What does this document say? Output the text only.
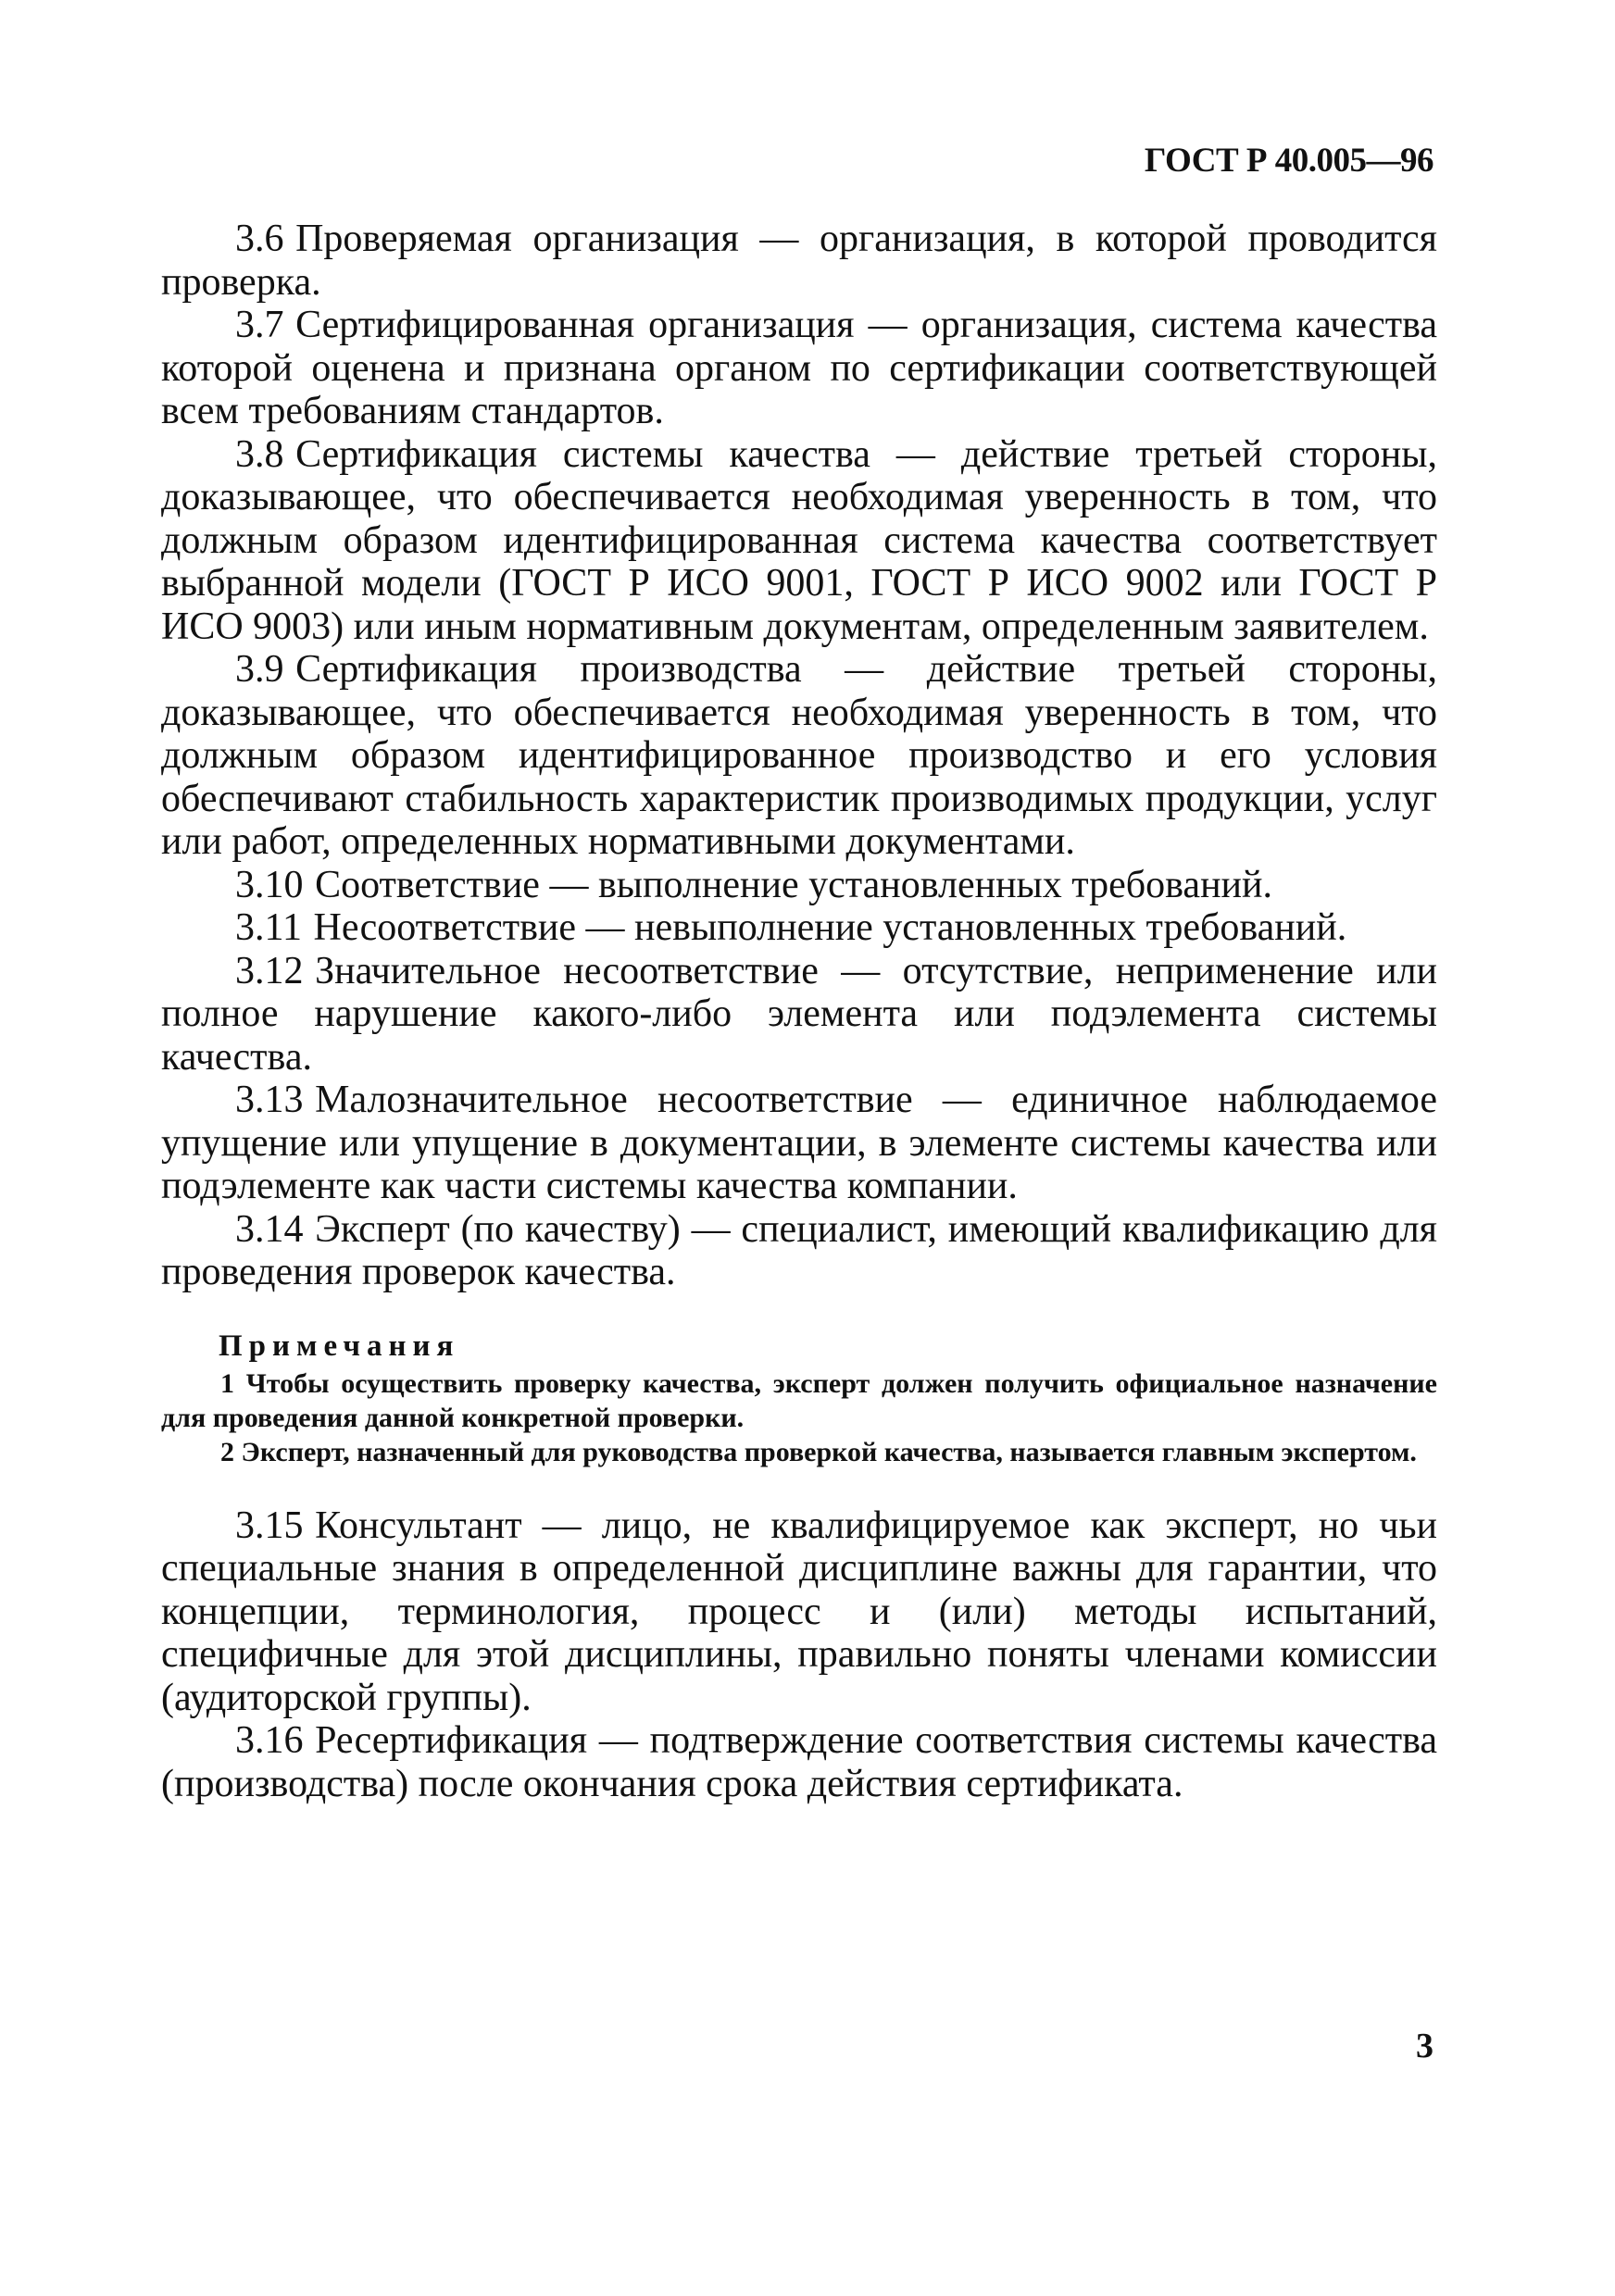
ГОСТ Р 40.005—96

3.6 Проверяемая организация — организация, в которой проводится проверка.

3.7 Сертифицированная организация — организация, система качества которой оценена и признана органом по сертификации соответствующей всем требованиям стандартов.

3.8 Сертификация системы качества — действие третьей стороны, доказывающее, что обеспечивается необходимая уверенность в том, что должным образом идентифицированная система качества соответствует выбранной модели (ГОСТ Р ИСО 9001, ГОСТ Р ИСО 9002 или ГОСТ Р ИСО 9003) или иным нормативным документам, определенным заявителем.

3.9 Сертификация производства — действие третьей стороны, доказывающее, что обеспечивается необходимая уверенность в том, что должным образом идентифицированное производство и его условия обеспечивают стабильность характеристик производимых продукции, услуг или работ, определенных нормативными документами.

3.10 Соответствие — выполнение установленных требований.

3.11 Несоответствие — невыполнение установленных требований.

3.12 Значительное несоответствие — отсутствие, неприменение или полное нарушение какого-либо элемента или подэлемента системы качества.

3.13 Малозначительное несоответствие — единичное наблюдаемое упущение или упущение в документации, в элементе системы качества или подэлементе как части системы качества компании.

3.14 Эксперт (по качеству) — специалист, имеющий квалификацию для проведения проверок качества.

Примечания

1 Чтобы осуществить проверку качества, эксперт должен получить официальное назначение для проведения данной конкретной проверки.

2 Эксперт, назначенный для руководства проверкой качества, называется главным экспертом.

3.15 Консультант — лицо, не квалифицируемое как эксперт, но чьи специальные знания в определенной дисциплине важны для гарантии, что концепции, терминология, процесс и (или) методы испытаний, специфичные для этой дисциплины, правильно поняты членами комиссии (аудиторской группы).

3.16 Ресертификация — подтверждение соответствия системы качества (производства) после окончания срока действия сертификата.

3
